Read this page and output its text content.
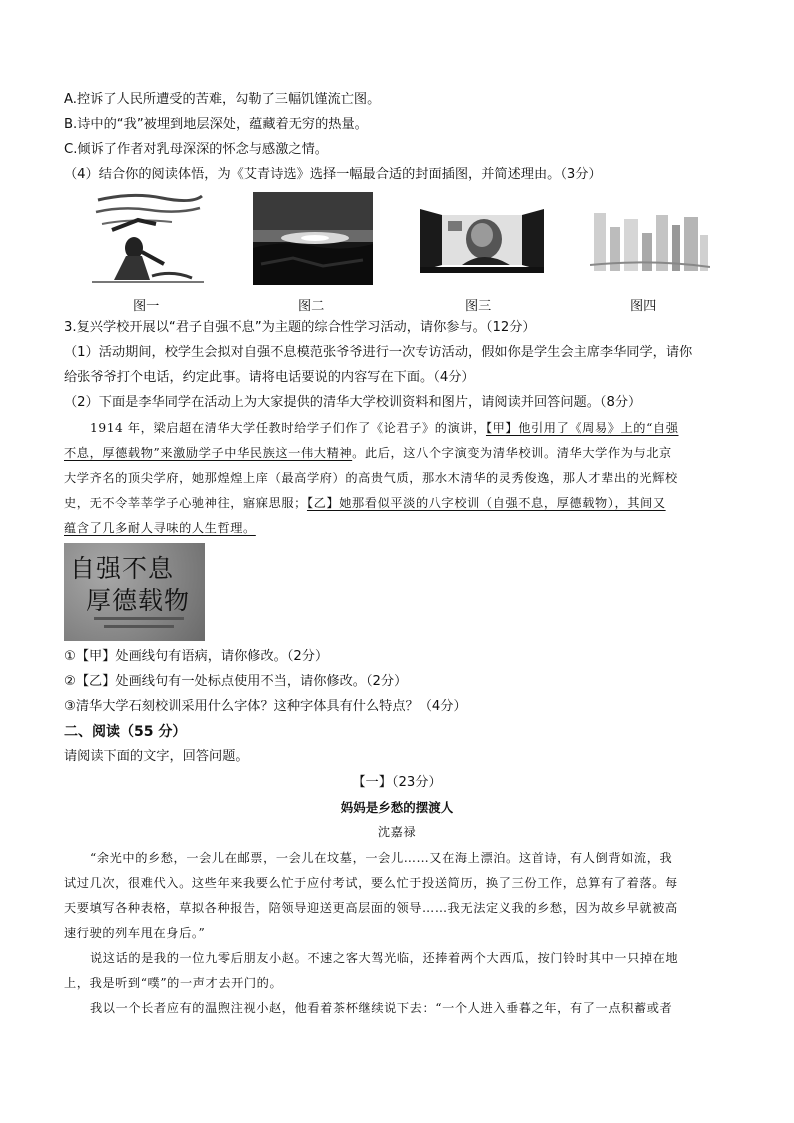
A.控诉了人民所遭受的苦难，勾勒了三幅饥馑流亡图。
B.诗中的“我”被埋到地层深处，蕴藏着无穷的热量。
C.倾诉了作者对乳母深深的怀念与感激之情。
（4）结合你的阅读体悟，为《艾青诗选》选择一幅最合适的封面插图，并简述理由。（3分）
图一	图二	图三	图四
3.复兴学校开展以“君子自强不息”为主题的综合性学习活动，请你参与。（12分）
（1）活动期间，校学生会拟对自强不息模范张爷爷进行一次专访活动，假如你是学生会主席李华同学，请你
给张爷爷打个电话，约定此事。请将电话要说的内容写在下面。（4分）
（2）下面是李华同学在活动上为大家提供的清华大学校训资料和图片，请阅读并回答问题。（8分）
1914 年，梁启超在清华大学任教时给学子们作了《论君子》的演讲，【甲】他引用了《周易》上的“自强
不息，厚德载物”来激励学子中华民族这一伟大精神。此后，这八个字演变为清华校训。清华大学作为与北京
大学齐名的顶尖学府，她那煌煌上庠（最高学府）的高贵气质，那水木清华的灵秀俊逸，那人才辈出的光辉校
史，无不令莘莘学子心驰神往，寤寐思服；【乙】她那看似平淡的八字校训（自强不息，厚德载物），其间又
蕴含了几多耐人寻味的人生哲理。
自强不息
厚德载物
①【甲】处画线句有语病，请你修改。（2分）
②【乙】处画线句有一处标点使用不当，请你修改。（2分）
③清华大学石刻校训采用什么字体？这种字体具有什么特点？（4分）
二、阅读（55 分）
请阅读下面的文字，回答问题。
【一】（23分）
妈妈是乡愁的摆渡人
沈嘉禄
“余光中的乡愁，一会儿在邮票，一会儿在坟墓，一会儿……又在海上漂泊。这首诗，有人倒背如流，我
试过几次，很难代入。这些年来我要么忙于应付考试，要么忙于投送简历，换了三份工作，总算有了着落。每
天要填写各种表格，草拟各种报告，陪领导迎送更高层面的领导……我无法定义我的乡愁，因为故乡早就被高
速行驶的列车甩在身后。”
说这话的是我的一位九零后朋友小赵。不速之客大驾光临，还捧着两个大西瓜，按门铃时其中一只掉在地
上，我是听到“噗”的一声才去开门的。
我以一个长者应有的温煦注视小赵，他看着茶杯继续说下去：“一个人进入垂暮之年，有了一点积蓄或者
